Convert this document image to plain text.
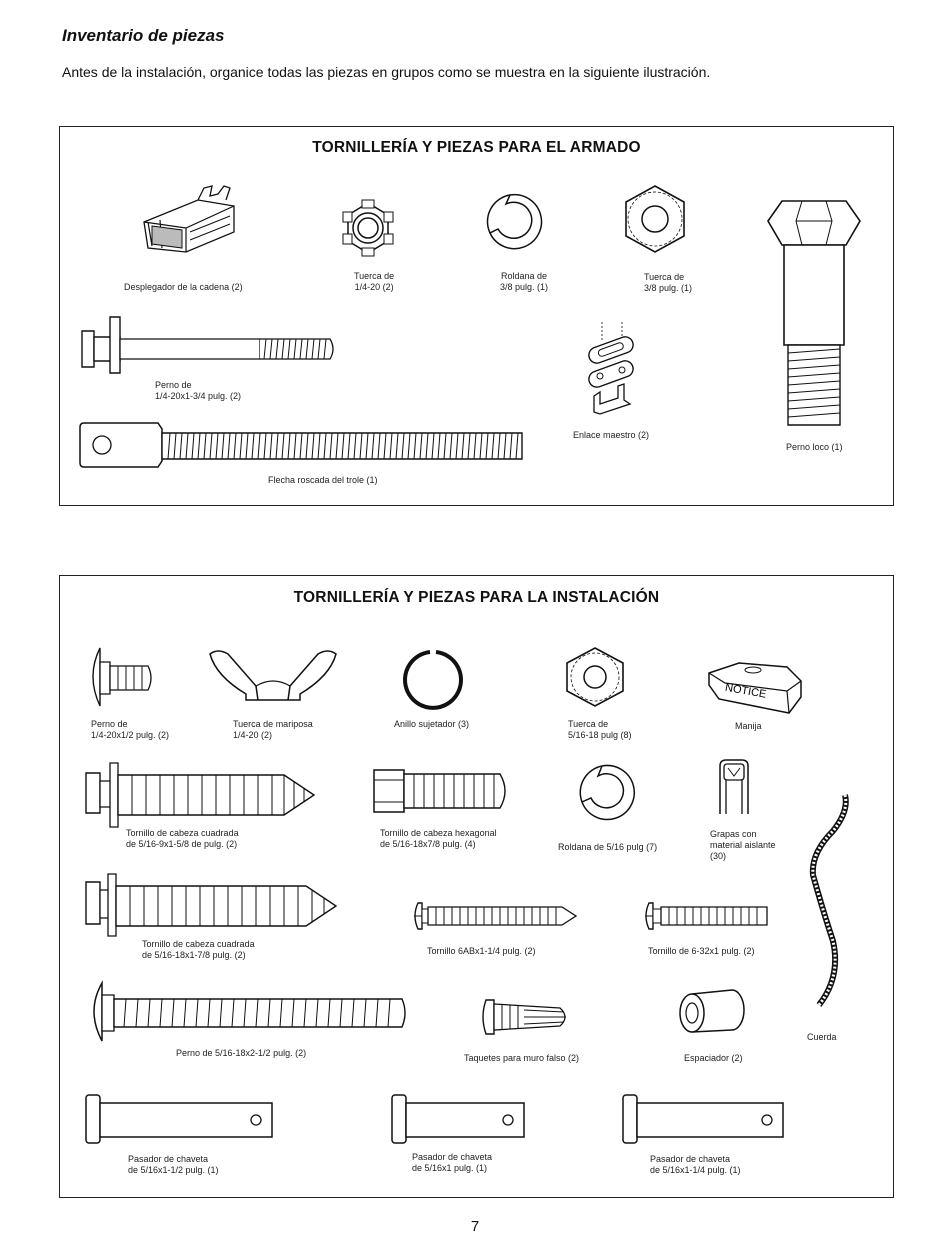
Inventario de piezas
Antes de la instalación, organice todas las piezas en grupos como se muestra en la siguiente ilustración.
TORNILLERÍA Y PIEZAS PARA EL ARMADO
Desplegador de la cadena (2)
Tuerca de
1/4-20 (2)
Roldana de
3/8 pulg. (1)
Tuerca de
3/8 pulg. (1)
Perno loco (1)
Perno de
1/4-20x1-3/4 pulg. (2)
Enlace maestro (2)
Flecha roscada del trole (1)
TORNILLERÍA Y PIEZAS PARA LA INSTALACIÓN
Perno de
1/4-20x1/2 pulg. (2)
Tuerca de mariposa
1/4-20 (2)
Anillo sujetador (3)	Tuerca de
5/16-18 pulg (8)
NOTICE
Manija
Tornillo de cabeza cuadrada
de 5/16-9x1-5/8 de pulg. (2)
Tornillo de cabeza hexagonal
de 5/16-18x7/8 pulg. (4)	Roldana de 5/16 pulg (7)
Grapas con
material aislante
(30)
Tornillo de cabeza cuadrada
de 5/16-18x1-7/8 pulg. (2)	Tornillo 6ABx1-1/4 pulg. (2)	Tornillo de 6-32x1 pulg. (2)
Cuerda
Perno de 5/16-18x2-1/2 pulg. (2)	Taquetes para muro falso (2)	Espaciador (2)
Pasador de chaveta
de 5/16x1-1/2 pulg. (1)
Pasador de chaveta
de 5/16x1 pulg. (1)
Pasador de chaveta
de 5/16x1-1/4 pulg. (1)
7
